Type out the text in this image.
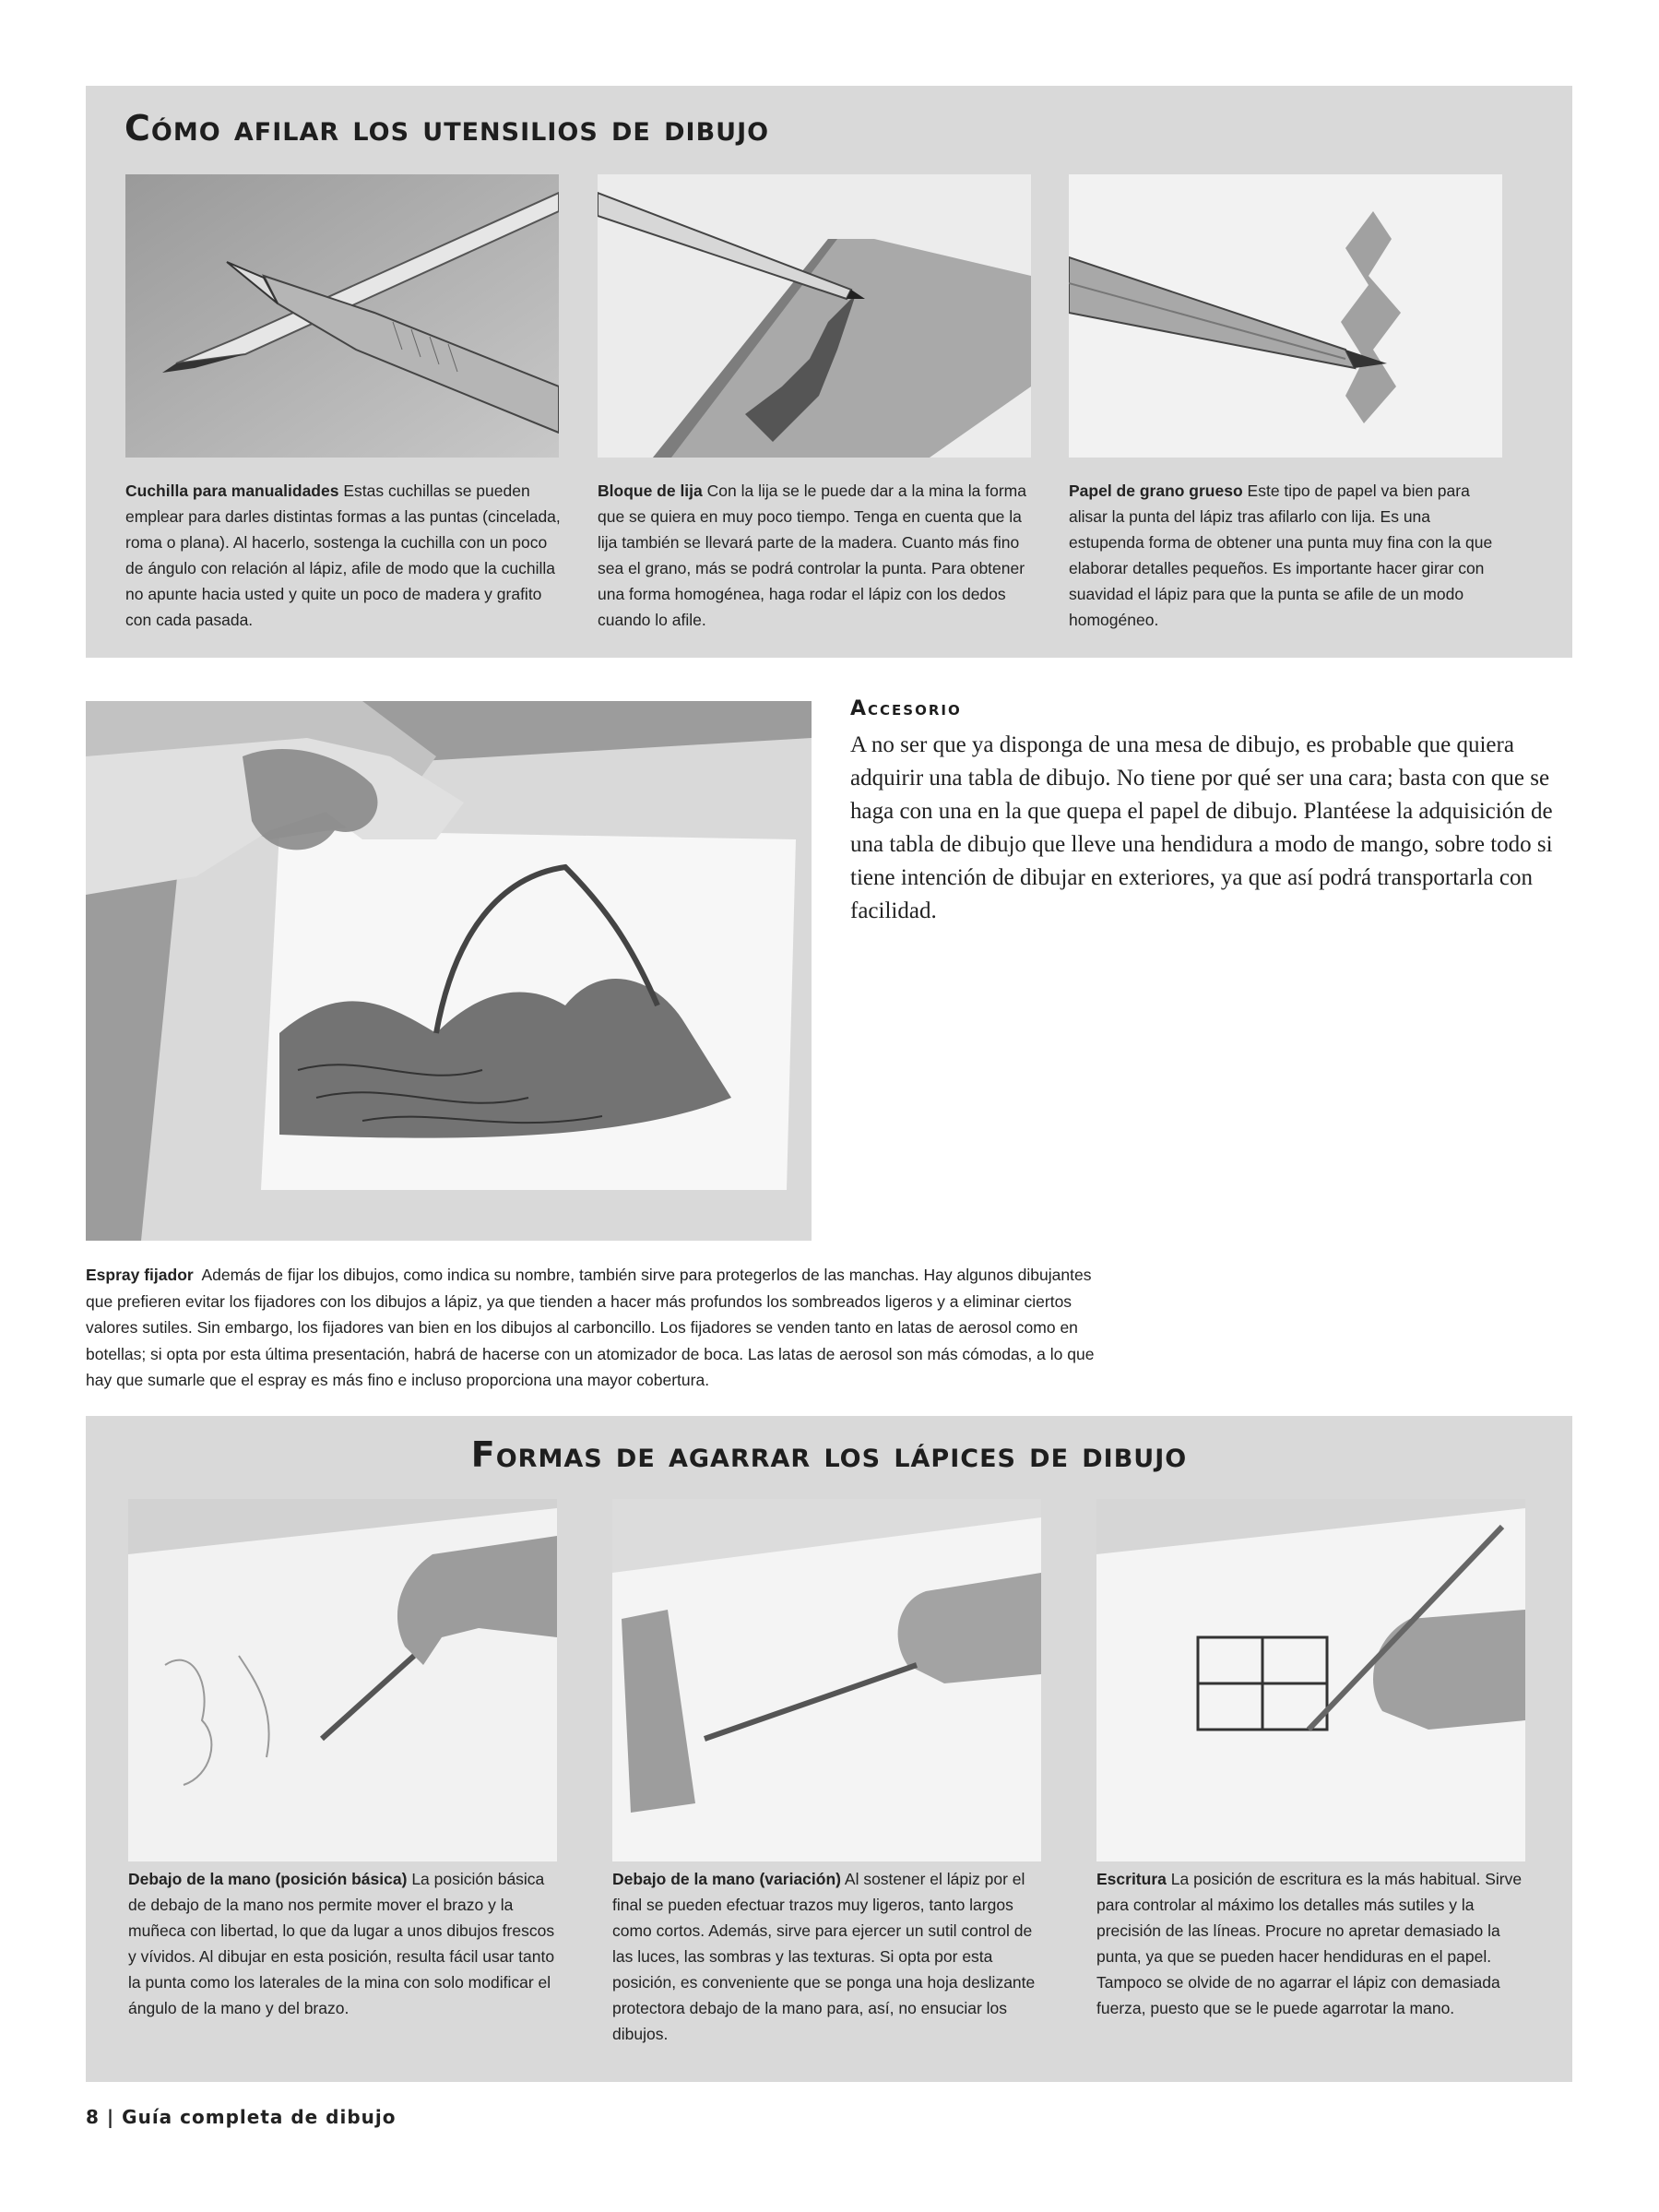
Cómo afilar los utensilios de dibujo

Cuchilla para manualidades Estas cuchillas se pueden emplear para darles distintas formas a las puntas (cincelada, roma o plana). Al hacerlo, sostenga la cuchilla con un poco de ángulo con relación al lápiz, afile de modo que la cuchilla no apunte hacia usted y quite un poco de madera y grafito con cada pasada.

Bloque de lija Con la lija se le puede dar a la mina la forma que se quiera en muy poco tiempo. Tenga en cuenta que la lija también se llevará parte de la madera. Cuanto más fino sea el grano, más se podrá controlar la punta. Para obtener una forma homogénea, haga rodar el lápiz con los dedos cuando lo afile.

Papel de grano grueso Este tipo de papel va bien para alisar la punta del lápiz tras afilarlo con lija. Es una estupenda forma de obtener una punta muy fina con la que elaborar detalles pequeños. Es importante hacer girar con suavidad el lápiz para que la punta se afile de un modo homogéneo.

Accesorio

A no ser que ya disponga de una mesa de dibujo, es probable que quiera adquirir una tabla de dibujo. No tiene por qué ser una cara; basta con que se haga con una en la que quepa el papel de dibujo. Plantéese la adquisición de una tabla de dibujo que lleve una hendidura a modo de mango, sobre todo si tiene intención de dibujar en exteriores, ya que así podrá transportarla con facilidad.

Espray fijador Además de fijar los dibujos, como indica su nombre, también sirve para protegerlos de las manchas. Hay algunos dibujantes que prefieren evitar los fijadores con los dibujos a lápiz, ya que tienden a hacer más profundos los sombreados ligeros y a eliminar ciertos valores sutiles. Sin embargo, los fijadores van bien en los dibujos al carboncillo. Los fijadores se venden tanto en latas de aerosol como en botellas; si opta por esta última presentación, habrá de hacerse con un atomizador de boca. Las latas de aerosol son más cómodas, a lo que hay que sumarle que el espray es más fino e incluso proporciona una mayor cobertura.

Formas de agarrar los lápices de dibujo

Debajo de la mano (posición básica) La posición básica de debajo de la mano nos permite mover el brazo y la muñeca con libertad, lo que da lugar a unos dibujos frescos y vívidos. Al dibujar en esta posición, resulta fácil usar tanto la punta como los laterales de la mina con solo modificar el ángulo de la mano y del brazo.

Debajo de la mano (variación) Al sostener el lápiz por el final se pueden efectuar trazos muy ligeros, tanto largos como cortos. Además, sirve para ejercer un sutil control de las luces, las sombras y las texturas. Si opta por esta posición, es conveniente que se ponga una hoja deslizante protectora debajo de la mano para, así, no ensuciar los dibujos.

Escritura La posición de escritura es la más habitual. Sirve para controlar al máximo los detalles más sutiles y la precisión de las líneas. Procure no apretar demasiado la punta, ya que se pueden hacer hendiduras en el papel. Tampoco se olvide de no agarrar el lápiz con demasiada fuerza, puesto que se le puede agarrotar la mano.

8 | Guía completa de dibujo
